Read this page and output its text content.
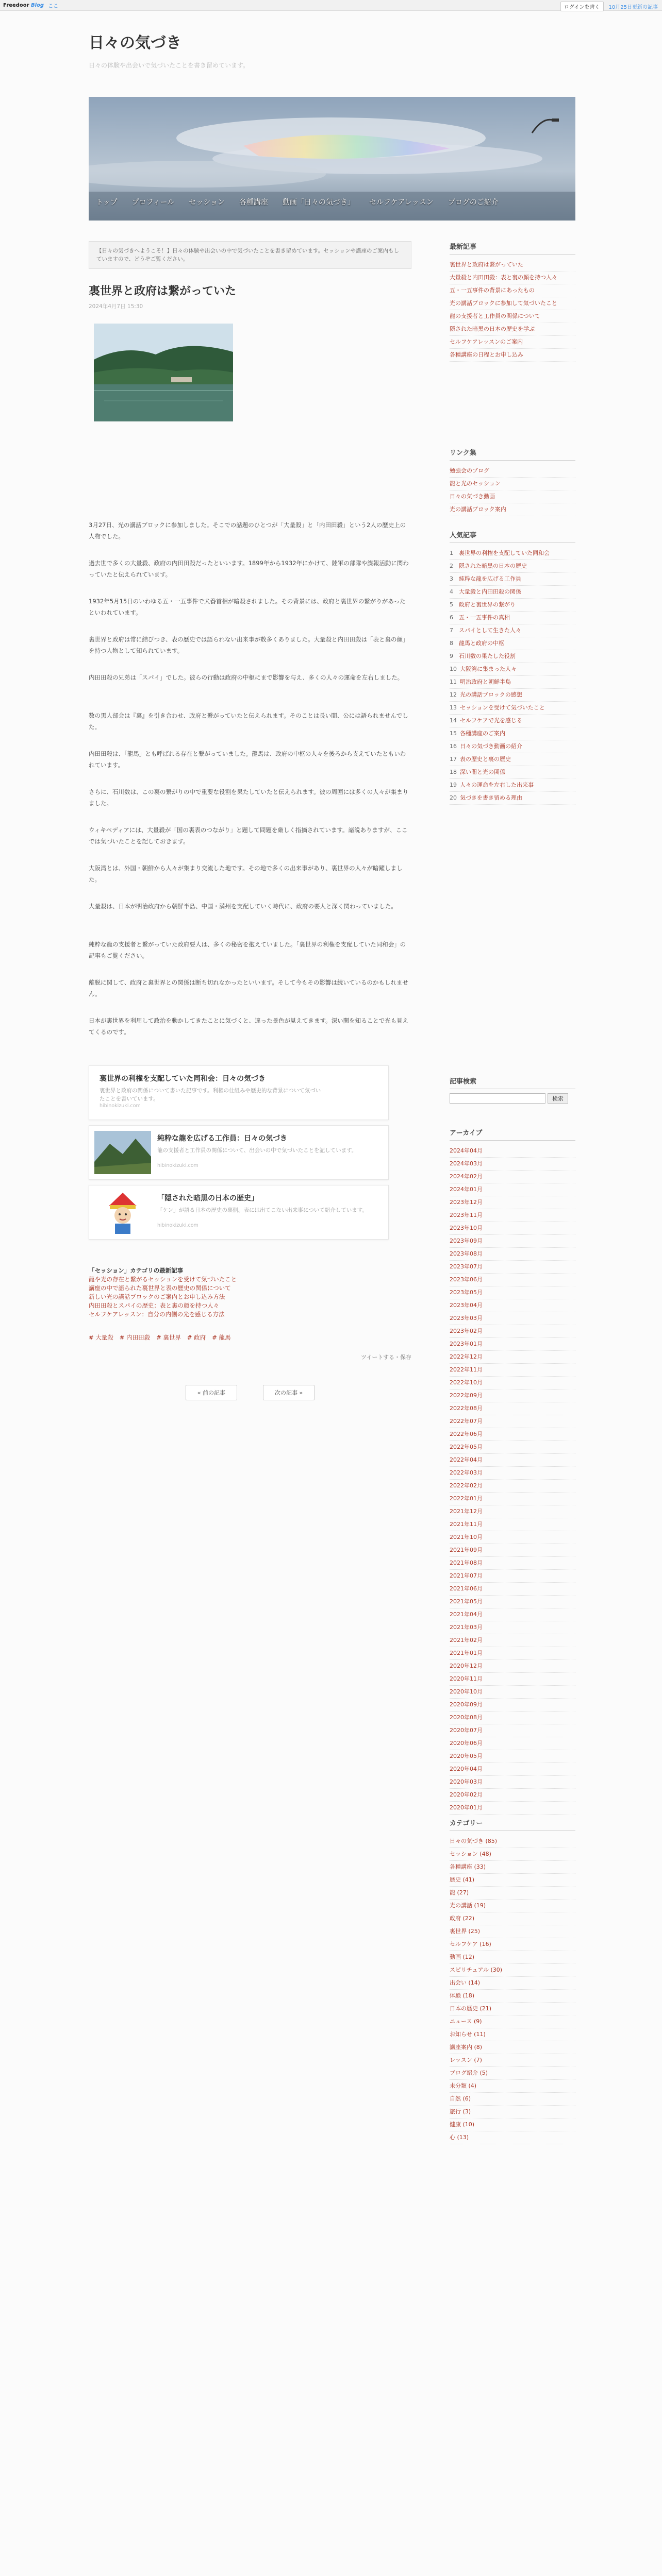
Freedoor Blog ここ	ログインを書く	10月25日更新の記事
日々の気づき
日々の体験や出会いで気づいたことを書き留めています。
トップ	プロフィール	セッション	各種講座	動画「日々の気づき」	セルフケアレッスン	ブログのご紹介
【日々の気づきへようこそ！】日々の体験や出会いの中で気づいたことを書き留めています。セッションや講座のご案内もしていますので、どうぞご覧ください。
裏世界と政府は繋がっていた
2024年4月7日 15:30

3月27日、光の講話ブロックに参加しました。そこでの話題のひとつが「大量殺」と「内田田殺」という2人の歴史上の人物でした。

過去世で多くの大量殺、政府の内田田殺だったといいます。1899年から1932年にかけて、陸軍の部隊や諜報活動に関わっていたと伝えられています。

1932年5月15日のいわゆる五・一五事件で犬養首相が暗殺されました。その背景には、政府と裏世界の繋がりがあったといわれています。

裏世界と政府は常に結びつき、表の歴史では語られない出来事が数多くありました。大量殺と内田田殺は「表と裏の顔」を持つ人物として知られています。

内田田殺の兄弟は「スパイ」でした。彼らの行動は政府の中枢にまで影響を与え、多くの人々の運命を左右しました。

数の黒人部会は『裏』を引き合わせ、政府と繋がっていたと伝えられます。そのことは長い間、公には語られませんでした。

内田田殺は、「龍馬」とも呼ばれる存在と繋がっていました。龍馬は、政府の中枢の人々を後ろから支えていたともいわれています。

さらに、石川数は、この裏の繋がりの中で重要な役割を果たしていたと伝えられます。彼の周囲には多くの人々が集まりました。

ウィキペディアには、大量殺が「国の裏表のつながり」と題して問題を厳しく指摘されています。諸説ありますが、ここでは気づいたことを記しておきます。

大阪湾とは、外国・朝鮮から人々が集まり交流した地です。その地で多くの出来事があり、裏世界の人々が暗躍しました。

大量殺は、日本が明治政府から朝鮮半島、中国・満州を支配していく時代に、政府の要人と深く関わっていました。

純粋な龍の支援者と繋がっていた政府要人は、多くの秘密を抱えていました。「裏世界の利権を支配していた同和会」の記事もご覧ください。

離脱に関して、政府と裏世界との関係は断ち切れなかったといいます。そして今もその影響は続いているのかもしれません。

日本が裏世界を利用して政治を動かしてきたことに気づくと、違った景色が見えてきます。深い闇を知ることで光も見えてくるのです。

裏世界の利権を支配していた同和会：日々の気づき
裏世界と政府の関係について書いた記事です。利権の仕組みや歴史的な背景について気づいたことを書いています。
hibinokizuki.com
純粋な龍を広げる工作員：日々の気づき
龍の支援者と工作員の関係について、出会いの中で気づいたことを記しています。
hibinokizuki.com
「隠された暗黒の日本の歴史」
「ケン」が語る日本の歴史の裏側。表には出てこない出来事について紹介しています。
hibinokizuki.com
「セッション」カテゴリの最新記事
龍や光の存在と繋がるセッションを受けて気づいたこと
講座の中で語られた裏世界と表の歴史の関係について
新しい光の講話ブロックのご案内とお申し込み方法
内田田殺とスパイの歴史：表と裏の顔を持つ人々
セルフケアレッスン：自分の内側の光を感じる方法
# 大量殺 # 内田田殺 # 裏世界 # 政府 # 龍馬
ツイートする・保存
« 前の記事	次の記事 »
最新記事
裏世界と政府は繋がっていた
大量殺と内田田殺：表と裏の顔を持つ人々
五・一五事件の背景にあったもの
光の講話ブロックに参加して気づいたこと
龍の支援者と工作員の関係について
隠された暗黒の日本の歴史を学ぶ
セルフケアレッスンのご案内
各種講座の日程とお申し込み
リンク集
勉強会のブログ
龍と光のセッション
日々の気づき動画
光の講話ブロック案内
人気記事
1	裏世界の利権を支配していた同和会
2	隠された暗黒の日本の歴史
3	純粋な龍を広げる工作員
4	大量殺と内田田殺の関係
5	政府と裏世界の繋がり
6	五・一五事件の真相
7	スパイとして生きた人々
8	龍馬と政府の中枢
9	石川数の果たした役割
10 大阪湾に集まった人々
11 明治政府と朝鮮半島
12 光の講話ブロックの感想
13 セッションを受けて気づいたこと
14 セルフケアで光を感じる
15 各種講座のご案内
16 日々の気づき動画の紹介
17 表の歴史と裏の歴史
18 深い闇と光の関係
19 人々の運命を左右した出来事
20 気づきを書き留める理由
記事検索
検索
アーカイブ
2024年04月
2024年03月
2024年02月
2024年01月
2023年12月
2023年11月
2023年10月
2023年09月
2023年08月
2023年07月
2023年06月
2023年05月
2023年04月
2023年03月
2023年02月
2023年01月
2022年12月
2022年11月
2022年10月
2022年09月
2022年08月
2022年07月
2022年06月
2022年05月
2022年04月
2022年03月
2022年02月
2022年01月
2021年12月
2021年11月
2021年10月
2021年09月
2021年08月
2021年07月
2021年06月
2021年05月
2021年04月
2021年03月
2021年02月
2021年01月
2020年12月
2020年11月
2020年10月
2020年09月
2020年08月
2020年07月
2020年06月
2020年05月
2020年04月
2020年03月
2020年02月
2020年01月
カテゴリー
日々の気づき (85)
セッション (48)
各種講座 (33)
歴史 (41)
龍 (27)
光の講話 (19)
政府 (22)
裏世界 (25)
セルフケア (16)
動画 (12)
スピリチュアル (30)
出会い (14)
体験 (18)
日本の歴史 (21)
ニュース (9)
お知らせ (11)
講座案内 (8)
レッスン (7)
ブログ紹介 (5)
未分類 (4)
自然 (6)
旅行 (3)
健康 (10)
心 (13)
